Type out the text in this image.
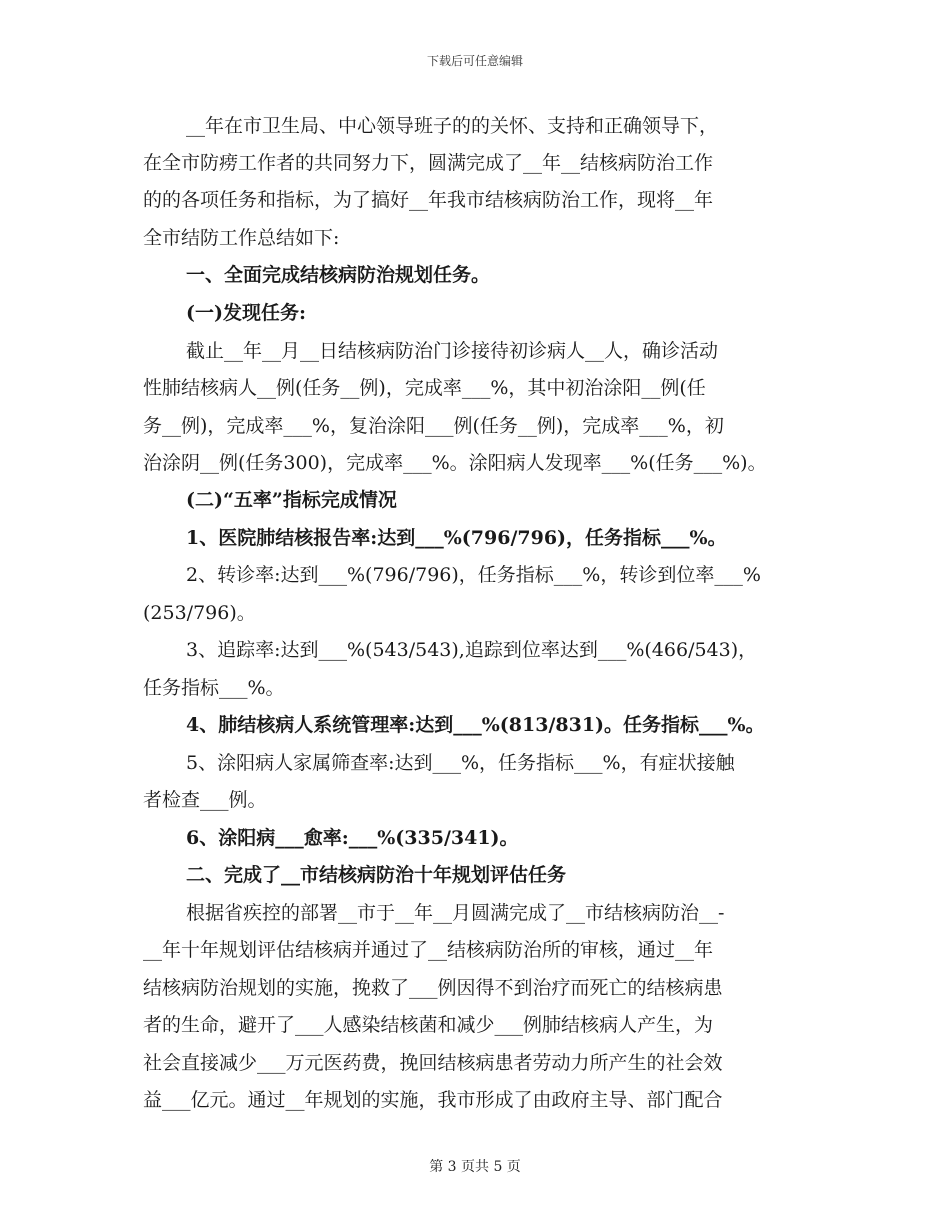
下载后可任意编辑
__年在市卫生局、中心领导班子的的关怀、支持和正确领导下，
在全市防痨工作者的共同努力下，圆满完成了__年__结核病防治工作
的的各项任务和指标，为了搞好__年我市结核病防治工作，现将__年
全市结防工作总结如下:
一、全面完成结核病防治规划任务。
(一)发现任务:
截止__年__月__日结核病防治门诊接待初诊病人__人，确诊活动
性肺结核病人__例(任务__例)，完成率___%，其中初治涂阳__例(任
务__例)，完成率___%，复治涂阳___例(任务__例)，完成率___%，初
治涂阴__例(任务300)，完成率___%。涂阳病人发现率___%(任务___%)。
(二)“五率”指标完成情况
1、医院肺结核报告率:达到___%(796/796)，任务指标___%。
2、转诊率:达到___%(796/796)，任务指标___%，转诊到位率___%
(253/796)。
3、追踪率:达到___%(543/543),追踪到位率达到___%(466/543)，
任务指标___%。
4、肺结核病人系统管理率:达到___%(813/831)。任务指标___%。
5、涂阳病人家属筛查率:达到___%，任务指标___%，有症状接触
者检查___例。
6、涂阳病___愈率:___%(335/341)。
二、完成了__市结核病防治十年规划评估任务
根据省疾控的部署__市于__年__月圆满完成了__市结核病防治__-
__年十年规划评估结核病并通过了__结核病防治所的审核，通过__年
结核病防治规划的实施，挽救了___例因得不到治疗而死亡的结核病患
者的生命，避开了___人感染结核菌和减少___例肺结核病人产生，为
社会直接减少___万元医药费，挽回结核病患者劳动力所产生的社会效
益___亿元。通过__年规划的实施，我市形成了由政府主导、部门配合
第 3 页共 5 页
